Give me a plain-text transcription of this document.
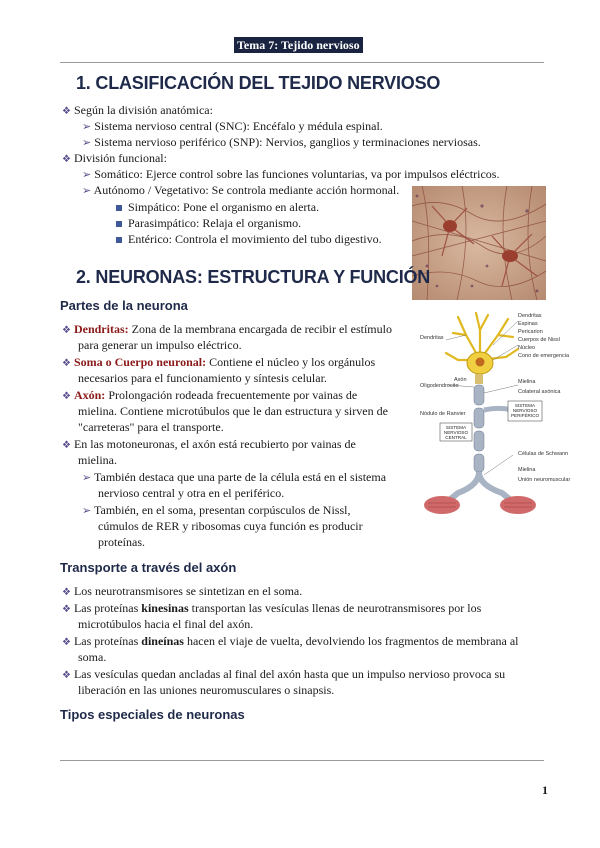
Tema 7: Tejido nervioso
1. CLASIFICACIÓN DEL TEJIDO NERVIOSO
❖ Según la división anatómica:
➢ Sistema nervioso central (SNC): Encéfalo y médula espinal.
➢ Sistema nervioso periférico (SNP): Nervios, ganglios y terminaciones nerviosas.
❖ División funcional:
➢ Somático: Ejerce control sobre las funciones voluntarias, va por impulsos eléctricos.
➢ Autónomo / Vegetativo: Se controla mediante acción hormonal.
Simpático: Pone el organismo en alerta.
Parasimpático: Relaja el organismo.
Entérico: Controla el movimiento del tubo digestivo.
2. NEURONAS: ESTRUCTURA Y FUNCIÓN
Partes de la neurona
❖ Dendritas: Zona de la membrana encargada de recibir el estímulo
para generar un impulso eléctrico.
❖ Soma o Cuerpo neuronal: Contiene el núcleo y los orgánulos
necesarios para el funcionamiento y síntesis celular.
❖ Axón: Prolongación rodeada frecuentemente por vainas de
mielina. Contiene microtúbulos que le dan estructura y sirven de
"carreteras" para el transporte.
❖ En las motoneuronas, el axón está recubierto por vainas de
mielina.
➢ También destaca que una parte de la célula está en el sistema
nervioso central y otra en el periférico.
➢ También, en el soma, presentan corpúsculos de Nissl,
cúmulos de RER y ribosomas cuya función es producir
proteínas.
Dendritas
Dendritas
Espinas
Pericarion
Cuerpos de Nissl
Núcleo
Cono de emergencia
Axón
Oligodendrocito
Mielina
Nódulo de Ranvier
Colateral axónica
Células de Schwann
Mielina
Unión neuromuscular
SISTEMA NERVIOSO CENTRAL
SISTEMA NERVIOSO PERIFÉRICO
Transporte a través del axón
❖ Los neurotransmisores se sintetizan en el soma.
❖ Las proteínas kinesinas transportan las vesículas llenas de neurotransmisores por los
microtúbulos hacia el final del axón.
❖ Las proteínas dineínas hacen el viaje de vuelta, devolviendo los fragmentos de membrana al
soma.
❖ Las vesículas quedan ancladas al final del axón hasta que un impulso nervioso provoca su
liberación en las uniones neuromusculares o sinapsis.
Tipos especiales de neuronas
1
